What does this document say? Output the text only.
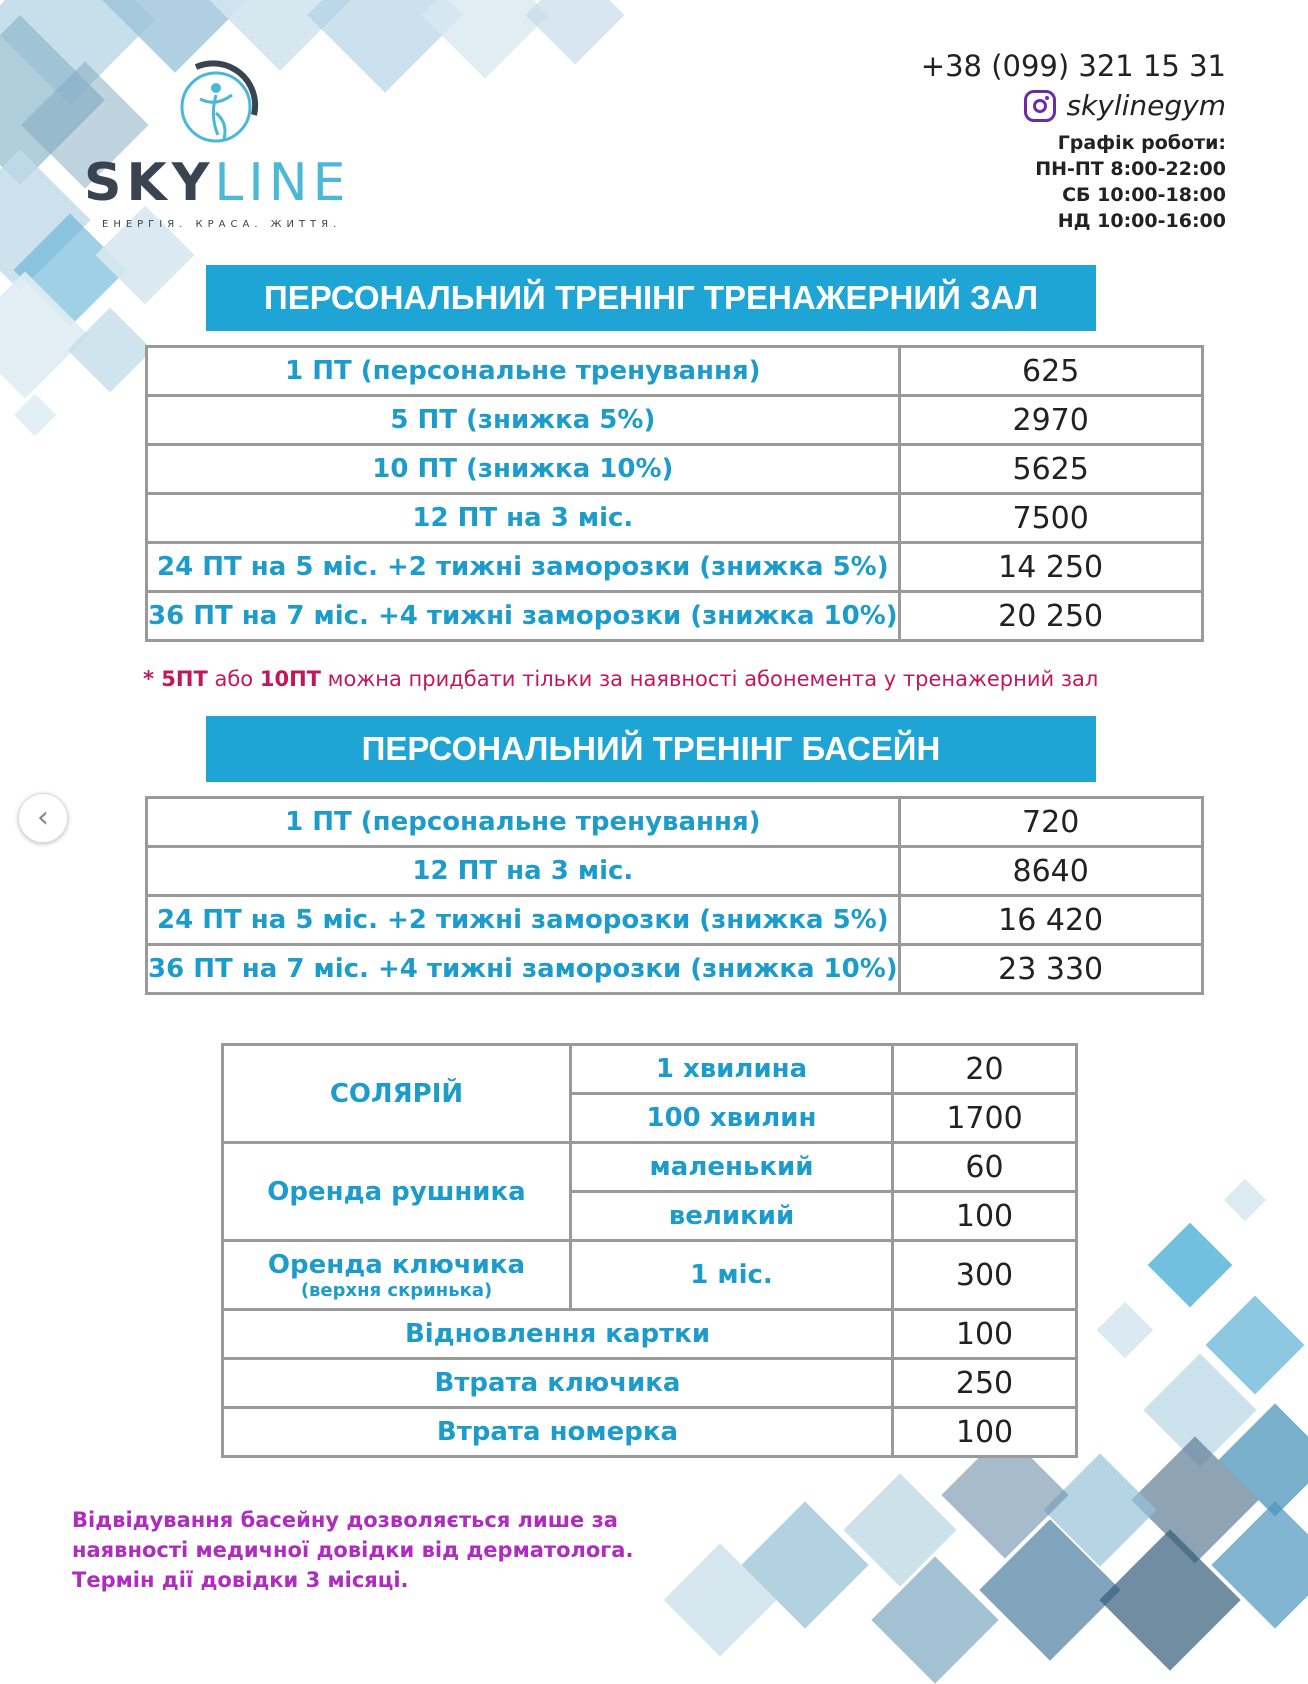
SKYLINE
ЕНЕРГІЯ. КРАСА. ЖИТТЯ.
+38 (099) 321 15 31
skylinegym
Графік роботи:
ПН-ПТ 8:00-22:00
СБ 10:00-18:00
НД 10:00-16:00
ПЕРСОНАЛЬНИЙ ТРЕНІНГ ТРЕНАЖЕРНИЙ ЗАЛ
1 ПТ (персональне тренування)	625
5 ПТ (знижка 5%)	2970
10 ПТ (знижка 10%)	5625
12 ПТ на 3 міс.	7500
24 ПТ на 5 міс. +2 тижні заморозки (знижка 5%)	14 250
36 ПТ на 7 міс. +4 тижні заморозки (знижка 10%)	20 250
* 5ПТ або 10ПТ можна придбати тільки за наявності абонемента у тренажерний зал
ПЕРСОНАЛЬНИЙ ТРЕНІНГ БАСЕЙН
1 ПТ (персональне тренування)	720
12 ПТ на 3 міс.	8640
24 ПТ на 5 міс. +2 тижні заморозки (знижка 5%)	16 420
36 ПТ на 7 міс. +4 тижні заморозки (знижка 10%)	23 330
СОЛЯРІЙ	1 хвилина	20
	100 хвилин	1700
Оренда рушника	маленький	60
	великий	100
Оренда ключика
(верхня скринька)	1 міс.	300
Відновлення картки		100
Втрата ключика		250
Втрата номерка		100
Відвідування басейну дозволяється лише за
наявності медичної довідки від дерматолога.
Термін дії довідки 3 місяці.
‹
